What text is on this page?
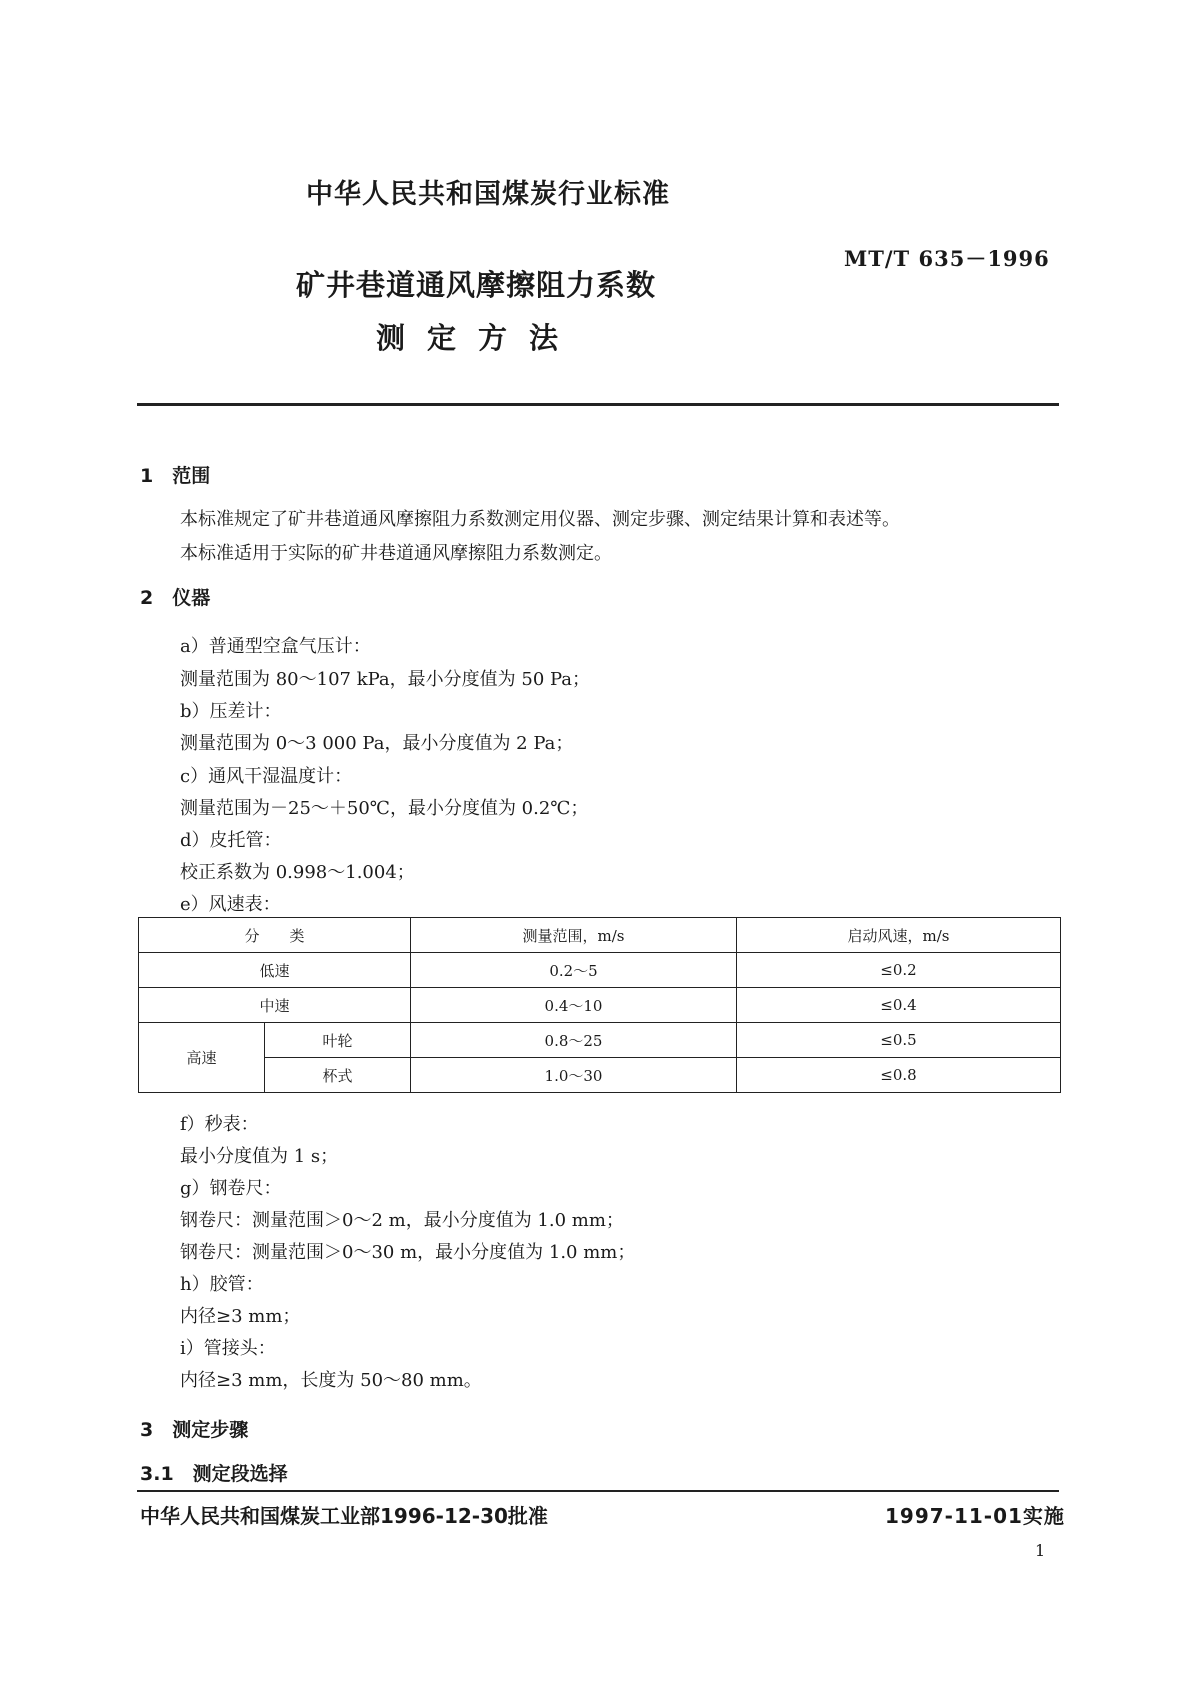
中华人民共和国煤炭行业标准
MT/T 635－1996
矿井巷道通风摩擦阻力系数
测定方法
1　范围
本标准规定了矿井巷道通风摩擦阻力系数测定用仪器、测定步骤、测定结果计算和表述等。
本标准适用于实际的矿井巷道通风摩擦阻力系数测定。
2　仪器
a）普通型空盒气压计：
测量范围为 80～107 kPa，最小分度值为 50 Pa；
b）压差计：
测量范围为 0～3 000 Pa，最小分度值为 2 Pa；
c）通风干湿温度计：
测量范围为－25～＋50℃，最小分度值为 0.2℃；
d）皮托管：
校正系数为 0.998～1.004；
e）风速表：
分　　类		测量范围，m/s	启动风速，m/s
低速		0.2～5	≤0.2
中速		0.4～10	≤0.4
高速	叶轮	0.8～25	≤0.5
	杯式	1.0～30	≤0.8
f）秒表：
最小分度值为 1 s；
g）钢卷尺：
钢卷尺：测量范围＞0～2 m，最小分度值为 1.0 mm；
钢卷尺：测量范围＞0～30 m，最小分度值为 1.0 mm；
h）胶管：
内径≥3 mm；
i）管接头：
内径≥3 mm，长度为 50～80 mm。
3　测定步骤
3.1　测定段选择
中华人民共和国煤炭工业部1996-12-30批准	1997-11-01实施
1
